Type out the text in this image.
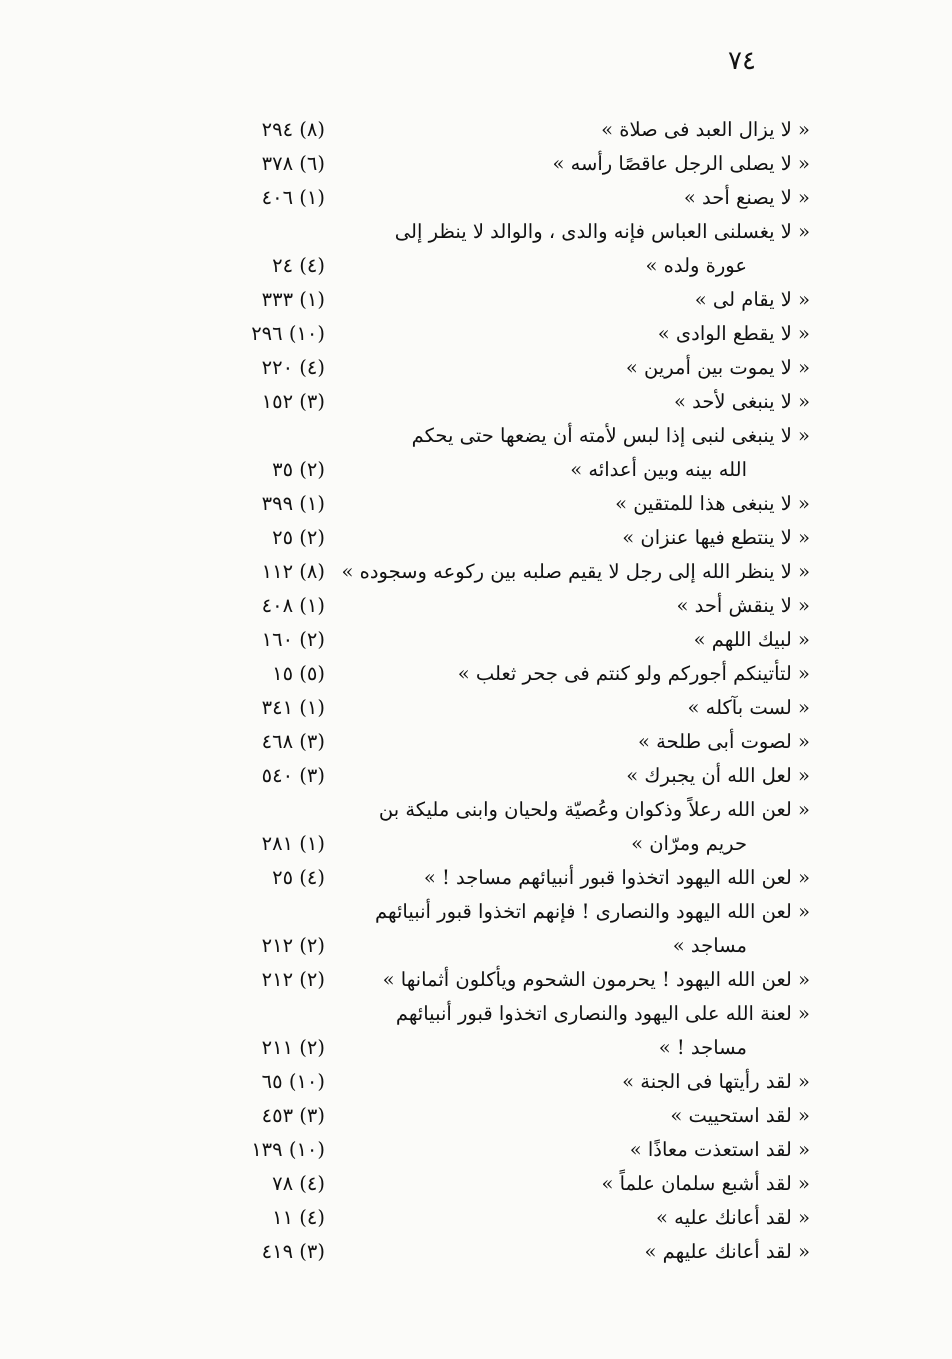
٧٤
« لا يزال العبد فى صلاة »
(٨) ٢٩٤
« لا يصلى الرجل عاقصًا رأسه »
(٦) ٣٧٨
« لا يصنع أحد »
(١) ٤٠٦
« لا يغسلنى العباس فإنه والدى ، والوالد لا ينظر إلى
عورة ولده »
(٤) ٢٤
« لا يقام لى »
(١) ٣٣٣
« لا يقطع الوادى »
(١٠) ٢٩٦
« لا يموت بين أمرين »
(٤) ٢٢٠
« لا ينبغى لأحد »
(٣) ١٥٢
« لا ينبغى لنبى إذا لبس لأمته أن يضعها حتى يحكم
الله بينه وبين أعدائه »
(٢) ٣٥
« لا ينبغى هذا للمتقين »
(١) ٣٩٩
« لا ينتطع فيها عنزان »
(٢) ٢٥
« لا ينظر الله إلى رجل لا يقيم صلبه بين ركوعه وسجوده »
(٨) ١١٢
« لا ينقش أحد »
(١) ٤٠٨
« لبيك اللهم »
(٢) ١٦٠
« لتأتينكم أجوركم ولو كنتم فى جحر ثعلب »
(٥) ١٥
« لست بآكله »
(١) ٣٤١
« لصوت أبى طلحة »
(٣) ٤٦٨
« لعل الله أن يجبرك »
(٣) ٥٤٠
« لعن الله رعلاً وذكوان وعُصيّة ولحيان وابنى مليكة بن
حريم ومرّان »
(١) ٢٨١
« لعن الله اليهود اتخذوا قبور أنبيائهم مساجد ! »
(٤) ٢٥
« لعن الله اليهود والنصارى ! فإنهم اتخذوا قبور أنبيائهم
مساجد »
(٢) ٢١٢
« لعن الله اليهود ! يحرمون الشحوم ويأكلون أثمانها »
(٢) ٢١٢
« لعنة الله على اليهود والنصارى اتخذوا قبور أنبيائهم
مساجد ! »
(٢) ٢١١
« لقد رأيتها فى الجنة »
(١٠) ٦٥
« لقد استحييت »
(٣) ٤٥٣
« لقد استعذت معاذًا »
(١٠) ١٣٩
« لقد أشبع سلمان علماً »
(٤) ٧٨
« لقد أعانك عليه »
(٤) ١١
« لقد أعانك عليهم »
(٣) ٤١٩
